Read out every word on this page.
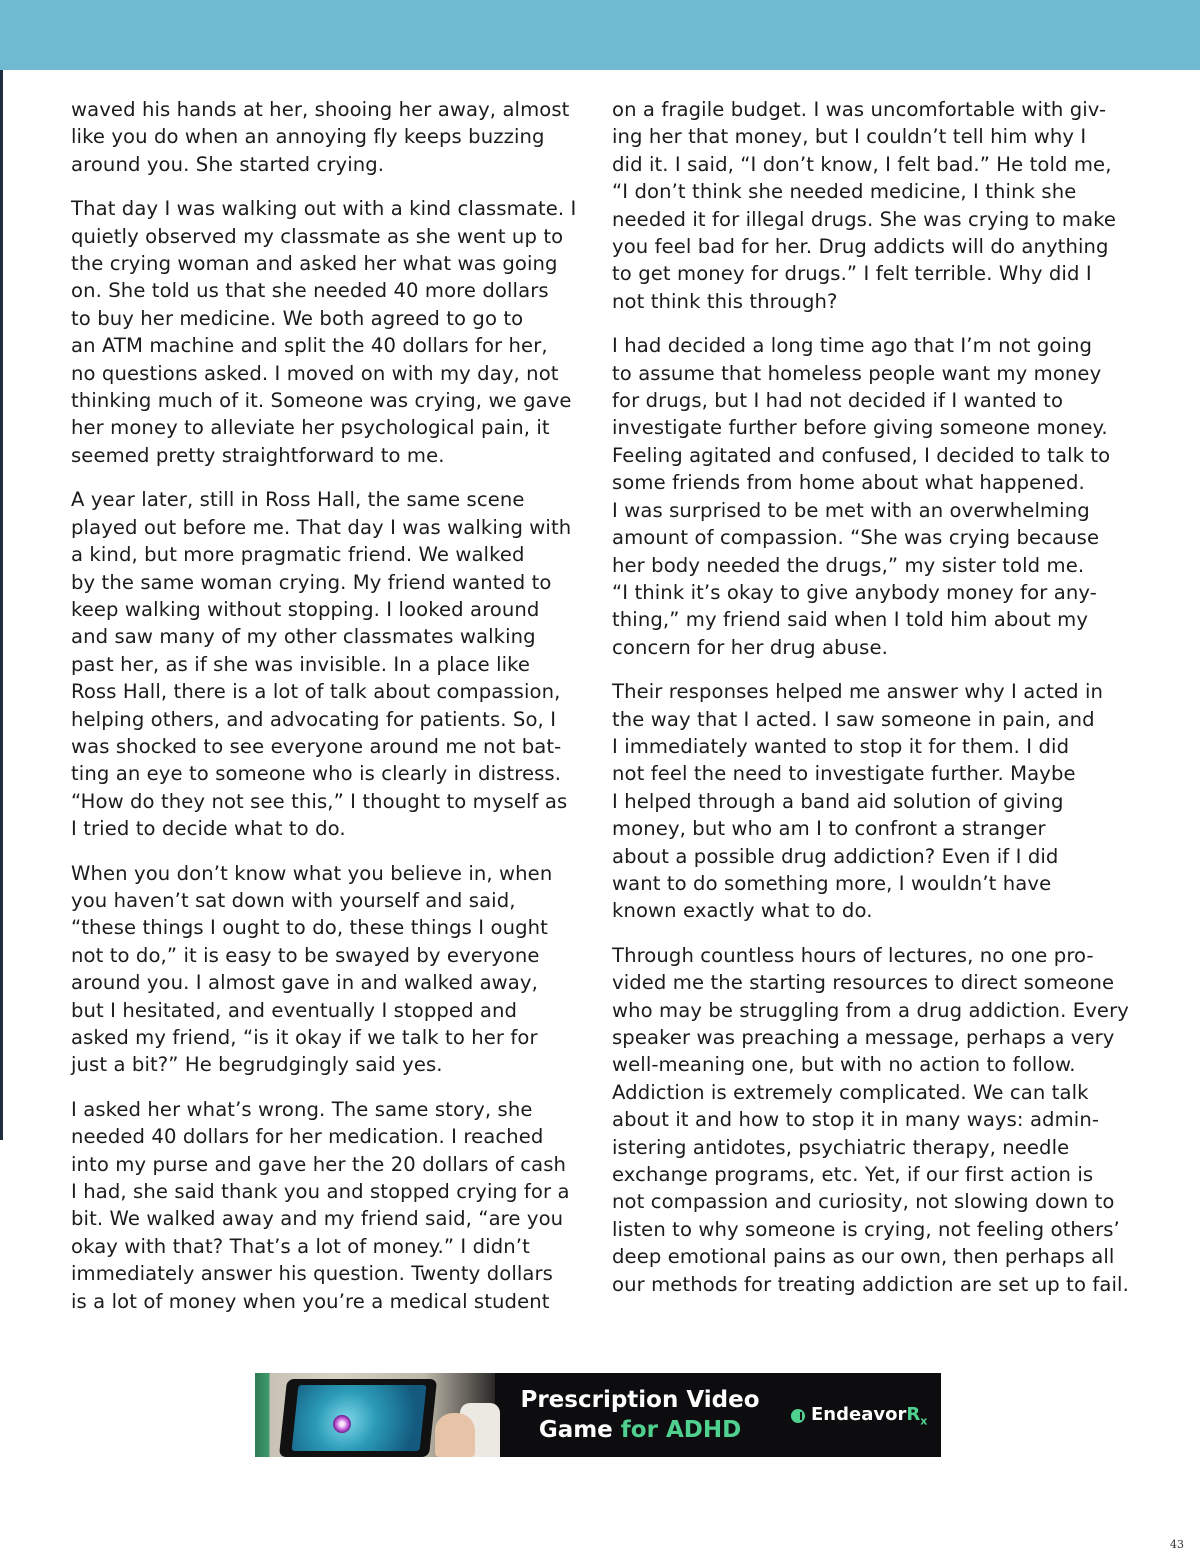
waved his hands at her, shooing her away, almost
like you do when an annoying fly keeps buzzing
around you. She started crying.

That day I was walking out with a kind classmate. I
quietly observed my classmate as she went up to
the crying woman and asked her what was going
on. She told us that she needed 40 more dollars
to buy her medicine. We both agreed to go to
an ATM machine and split the 40 dollars for her,
no questions asked. I moved on with my day, not
thinking much of it. Someone was crying, we gave
her money to alleviate her psychological pain, it
seemed pretty straightforward to me.

A year later, still in Ross Hall, the same scene
played out before me. That day I was walking with
a kind, but more pragmatic friend. We walked
by the same woman crying. My friend wanted to
keep walking without stopping. I looked around
and saw many of my other classmates walking
past her, as if she was invisible. In a place like
Ross Hall, there is a lot of talk about compassion,
helping others, and advocating for patients. So, I
was shocked to see everyone around me not bat-
ting an eye to someone who is clearly in distress.
“How do they not see this,” I thought to myself as
I tried to decide what to do.

When you don’t know what you believe in, when
you haven’t sat down with yourself and said,
“these things I ought to do, these things I ought
not to do,” it is easy to be swayed by everyone
around you. I almost gave in and walked away,
but I hesitated, and eventually I stopped and
asked my friend, “is it okay if we talk to her for
just a bit?” He begrudgingly said yes.

I asked her what’s wrong. The same story, she
needed 40 dollars for her medication. I reached
into my purse and gave her the 20 dollars of cash
I had, she said thank you and stopped crying for a
bit. We walked away and my friend said, “are you
okay with that? That’s a lot of money.” I didn’t
immediately answer his question. Twenty dollars
is a lot of money when you’re a medical student

on a fragile budget. I was uncomfortable with giv-
ing her that money, but I couldn’t tell him why I
did it. I said, “I don’t know, I felt bad.” He told me,
“I don’t think she needed medicine, I think she
needed it for illegal drugs. She was crying to make
you feel bad for her. Drug addicts will do anything
to get money for drugs.” I felt terrible. Why did I
not think this through?

I had decided a long time ago that I’m not going
to assume that homeless people want my money
for drugs, but I had not decided if I wanted to
investigate further before giving someone money.
Feeling agitated and confused, I decided to talk to
some friends from home about what happened.
I was surprised to be met with an overwhelming
amount of compassion. “She was crying because
her body needed the drugs,” my sister told me.
“I think it’s okay to give anybody money for any-
thing,” my friend said when I told him about my
concern for her drug abuse.

Their responses helped me answer why I acted in
the way that I acted. I saw someone in pain, and
I immediately wanted to stop it for them. I did
not feel the need to investigate further. Maybe
I helped through a band aid solution of giving
money, but who am I to confront a stranger
about a possible drug addiction? Even if I did
want to do something more, I wouldn’t have
known exactly what to do.

Through countless hours of lectures, no one pro-
vided me the starting resources to direct someone
who may be struggling from a drug addiction. Every
speaker was preaching a message, perhaps a very
well-meaning one, but with no action to follow.
Addiction is extremely complicated. We can talk
about it and how to stop it in many ways: admin-
istering antidotes, psychiatric therapy, needle
exchange programs, etc. Yet, if our first action is
not compassion and curiosity, not slowing down to
listen to why someone is crying, not feeling others’
deep emotional pains as our own, then perhaps all
our methods for treating addiction are set up to fail.

Prescription Video
Game for ADHD
EndeavorR$_x$
43
